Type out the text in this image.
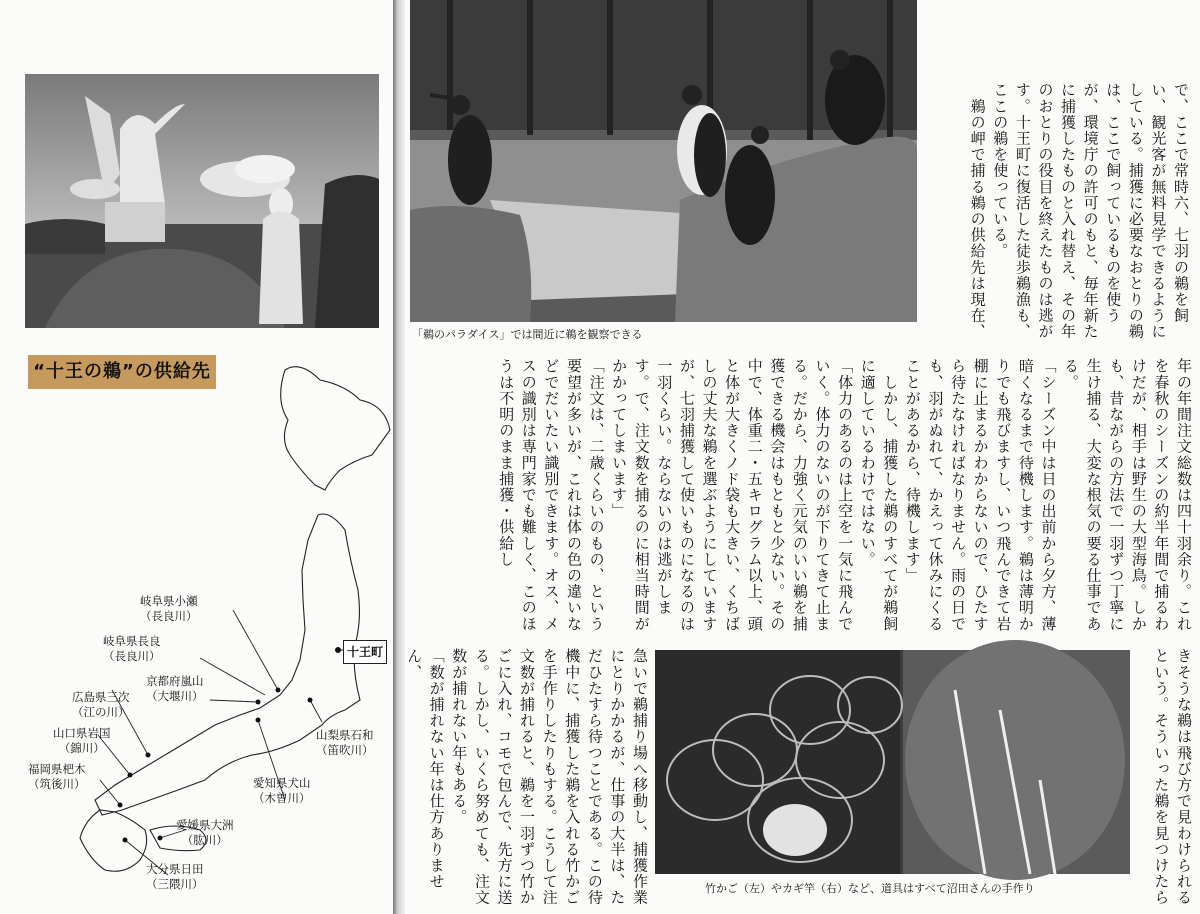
“十王の鵜”の供給先
十王町
岐阜県小瀬
（長良川）
岐阜県長良
（長良川）
京都府嵐山
（大堰川）
広島県三次
（江の川）
山口県岩国
（錦川）
福岡県杷木
（筑後川）
愛媛県大洲
（肱川）
大分県日田
（三隈川）
愛知県犬山
（木曽川）
山梨県石和
（笛吹川）
「鵜のパラダイス」では間近に鵜を観察できる
竹かご（左）やカギ竿（右）など、道具はすべて沼田さんの手作り
で、ここで常時六、七羽の鵜を飼い、観光客が無料見学できるようにしている。捕獲に必要なおとりの鵜は、ここで飼っているものを使うが、環境庁の許可のもと、毎年新たに捕獲したものと入れ替え、その年のおとりの役目を終えたものは逃がす。十王町に復活した徒歩鵜漁も、ここの鵜を使っている。
　鵜の岬で捕る鵜の供給先は現在、
年の年間注文総数は四十羽余り。これを春秋のシーズンの約半年間で捕るわけだが、相手は野生の大型海鳥。しかも、昔ながらの方法で一羽ずつ丁寧に生け捕る、大変な根気の要る仕事である。
「シーズン中は日の出前から夕方、薄暗くなるまで待機します。鵜は薄明かりでも飛びますし、いつ飛んできて岩棚に止まるかわからないので、ひたすら待たなければなりません。雨の日でも、羽がぬれて、かえって休みにくることがあるから、待機します」
　しかし、捕獲した鵜のすべてが鵜飼に適しているわけではない。
「体力のあるのは上空を一気に飛んでいく。体力のないのが下りてきて止まる。だから、力強く元気のいい鵜を捕獲できる機会はもともと少ない。その中で、体重二・五キログラム以上、頭と体が大きくノド袋も大きい、くちばしの丈夫な鵜を選ぶようにしていますが、七羽捕獲して使いものになるのは一羽くらい。ならないのは逃がします。で、注文数を捕るのに相当時間がかかってしまいます」
「注文は、二歳くらいのもの、という要望が多いが、これは体の色の違いなどでだいたい識別できます。オス、メスの識別は専門家でも難しく、このほうは不明のまま捕獲・供給し
急いで鵜捕り場へ移動し、捕獲作業にとりかかるが、仕事の大半は、ただひたすら待つことである。この待機中に、捕獲した鵜を入れる竹かごを手作りしたりもする。こうして注文数が捕れると、鵜を一羽ずつ竹かごに入れ、コモで包んで、先方に送る。しかし、いくら努めても、注文数が捕れない年もある。
「数が捕れない年は仕方ありません、	きそうな鵜は飛び方で見わけられるという。そういった鵜を見つけたら
